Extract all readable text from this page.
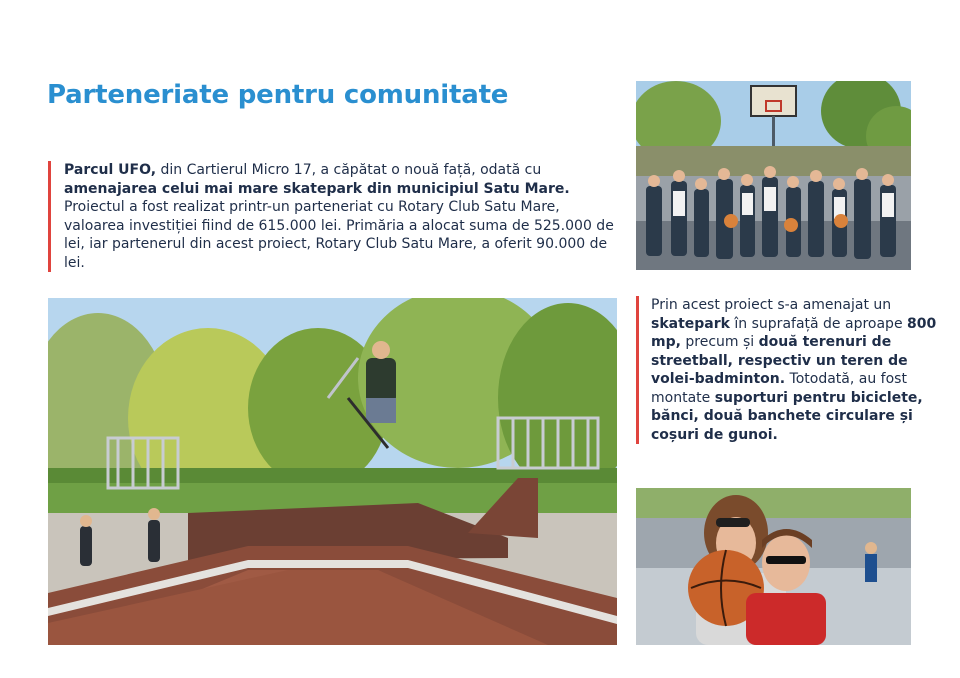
Parteneriate pentru comunitate
Parcul UFO, din Cartierul Micro 17, a căpătat o nouă față, odată cu amenajarea celui mai mare skatepark din municipiul Satu Mare. Proiectul a fost realizat printr-un parteneriat cu Rotary Club Satu Mare, valoarea investiției fiind de 615.000 lei. Primăria a alocat suma de 525.000 de lei, iar partenerul din acest proiect, Rotary Club Satu Mare, a oferit 90.000 de lei.
Prin acest proiect s-a amenajat un skatepark în suprafață de aproape 800 mp, precum și două terenuri de streetball, respectiv un teren de volei-badminton. Totodată, au fost montate suporturi pentru biciclete, bănci, două banchete circulare și coșuri de gunoi.
